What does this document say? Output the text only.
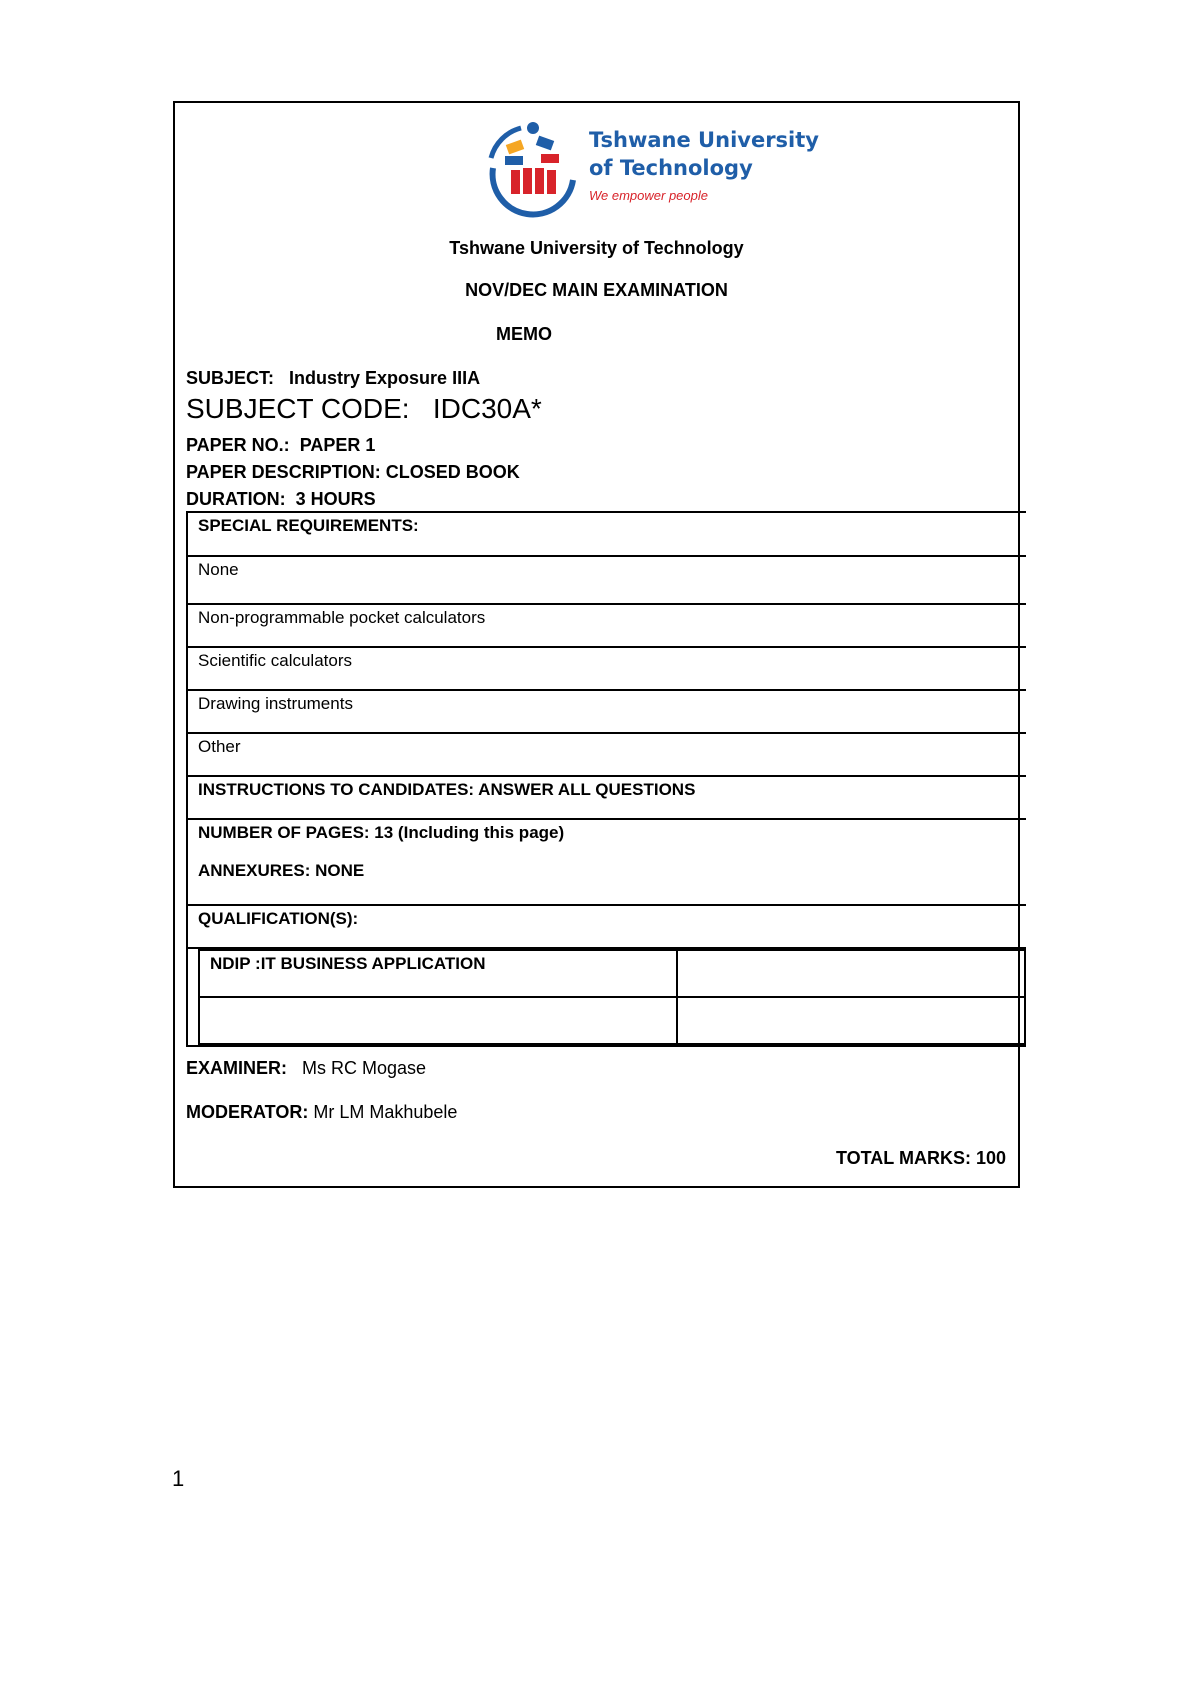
Tshwane University
of Technology
We empower people
Tshwane University of Technology
NOV/DEC MAIN EXAMINATION
MEMO
SUBJECT: Industry Exposure IIIA
SUBJECT CODE: IDC30A*
PAPER NO.: PAPER 1
PAPER DESCRIPTION: CLOSED BOOK
DURATION: 3 HOURS
SPECIAL REQUIREMENTS:
None
Non-programmable pocket calculators
Scientific calculators
Drawing instruments
Other
INSTRUCTIONS TO CANDIDATES: ANSWER ALL QUESTIONS

NUMBER OF PAGES: 13 (Including this page)
ANNEXURES: NONE

QUALIFICATION(S):

NDIP :IT BUSINESS APPLICATION	

EXAMINER: Ms RC Mogase
MODERATOR: Mr LM Makhubele
TOTAL MARKS: 100
1
